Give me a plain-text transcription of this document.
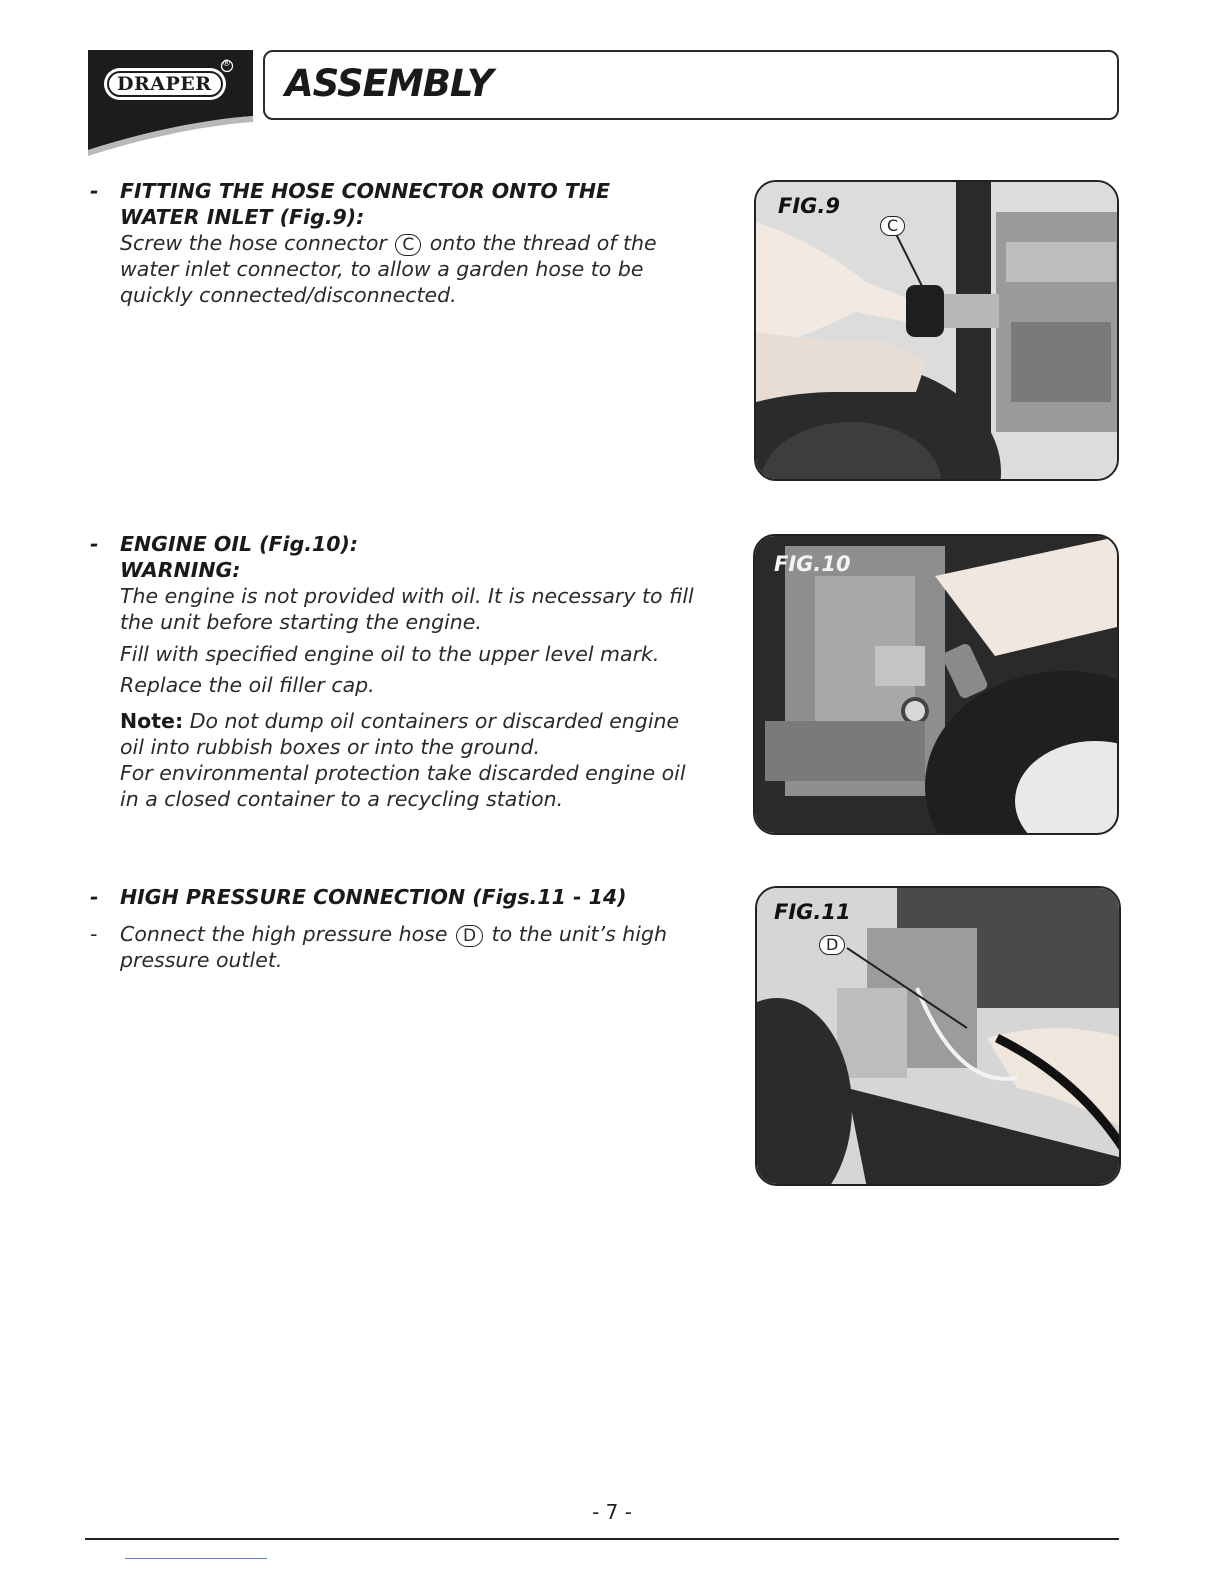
DRAPER
® ASSEMBLY
-	FITTING THE HOSE CONNECTOR ONTO THE
WATER INLET (Fig.9):
Screw the hose connector C onto the thread of the
water inlet connector, to allow a garden hose to be
quickly connected/disconnected.
-	ENGINE OIL (Fig.10):
WARNING:
The engine is not provided with oil. It is necessary to fill
the unit before starting the engine.
Fill with specified engine oil to the upper level mark.
Replace the oil filler cap.
Note: Do not dump oil containers or discarded engine
oil into rubbish boxes or into the ground.
For environmental protection take discarded engine oil
in a closed container to a recycling station.
-	HIGH PRESSURE CONNECTION (Figs.11 - 14)
-	Connect the high pressure hose D to the unit’s high
pressure outlet.
FIG.9
C
FIG.10
FIG.11
D
- 7 -
